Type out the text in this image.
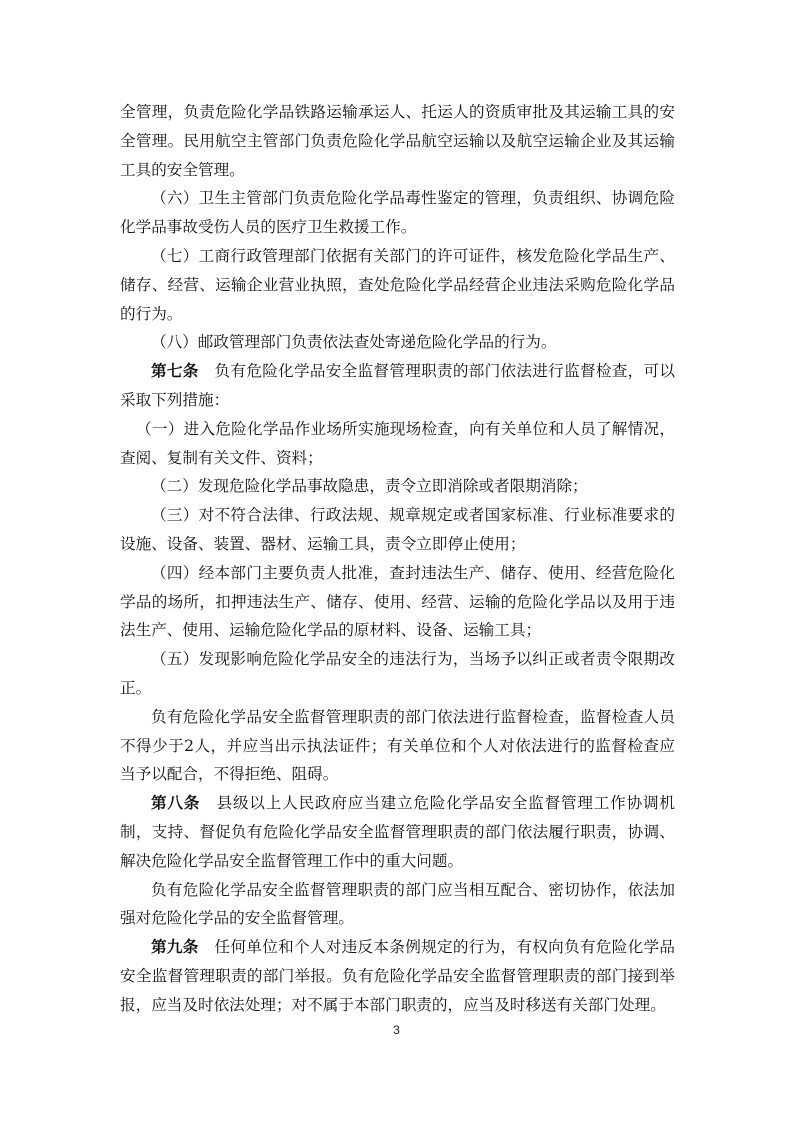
全管理，负责危险化学品铁路运输承运人、托运人的资质审批及其运输工具的安全管理。民用航空主管部门负责危险化学品航空运输以及航空运输企业及其运输工具的安全管理。

（六）卫生主管部门负责危险化学品毒性鉴定的管理，负责组织、协调危险化学品事故受伤人员的医疗卫生救援工作。

（七）工商行政管理部门依据有关部门的许可证件，核发危险化学品生产、储存、经营、运输企业营业执照，查处危险化学品经营企业违法采购危险化学品的行为。

（八）邮政管理部门负责依法查处寄递危险化学品的行为。

第七条　负有危险化学品安全监督管理职责的部门依法进行监督检查，可以采取下列措施：

（一）进入危险化学品作业场所实施现场检查，向有关单位和人员了解情况，查阅、复制有关文件、资料；

（二）发现危险化学品事故隐患，责令立即消除或者限期消除；

（三）对不符合法律、行政法规、规章规定或者国家标准、行业标准要求的设施、设备、装置、器材、运输工具，责令立即停止使用；

（四）经本部门主要负责人批准，查封违法生产、储存、使用、经营危险化学品的场所，扣押违法生产、储存、使用、经营、运输的危险化学品以及用于违法生产、使用、运输危险化学品的原材料、设备、运输工具；

（五）发现影响危险化学品安全的违法行为，当场予以纠正或者责令限期改正。

负有危险化学品安全监督管理职责的部门依法进行监督检查，监督检查人员不得少于2人，并应当出示执法证件；有关单位和个人对依法进行的监督检查应当予以配合，不得拒绝、阻碍。

第八条　县级以上人民政府应当建立危险化学品安全监督管理工作协调机制，支持、督促负有危险化学品安全监督管理职责的部门依法履行职责，协调、解决危险化学品安全监督管理工作中的重大问题。

负有危险化学品安全监督管理职责的部门应当相互配合、密切协作，依法加强对危险化学品的安全监督管理。

第九条　任何单位和个人对违反本条例规定的行为，有权向负有危险化学品安全监督管理职责的部门举报。负有危险化学品安全监督管理职责的部门接到举报，应当及时依法处理；对不属于本部门职责的，应当及时移送有关部门处理。

3
